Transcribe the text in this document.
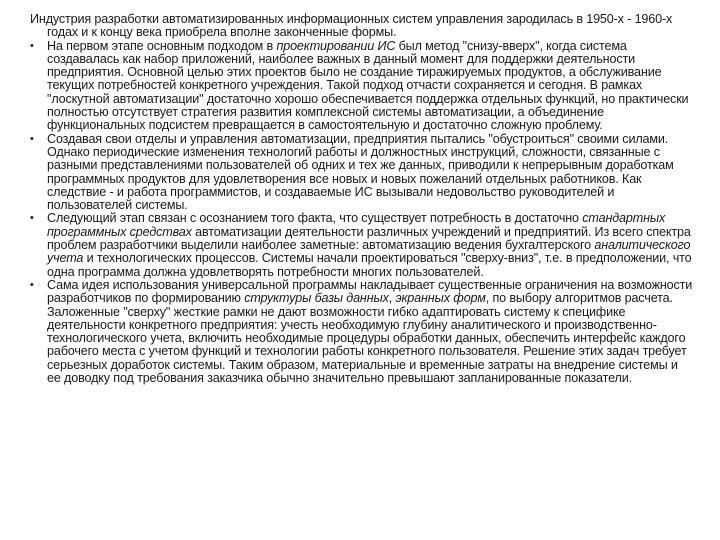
Индустрия разработки автоматизированных информационных систем управления зародилась в 1950-х - 1960-х годах и к концу века приобрела вполне законченные формы.

•	На первом этапе основным подходом в проектировании ИС был метод "снизу-вверх", когда система создавалась как набор приложений, наиболее важных в данный момент для поддержки деятельности предприятия. Основной целью этих проектов было не создание тиражируемых продуктов, а обслуживание текущих потребностей конкретного учреждения. Такой подход отчасти сохраняется и сегодня. В рамках "лоскутной автоматизации" достаточно хорошо обеспечивается поддержка отдельных функций, но практически полностью отсутствует стратегия развития комплексной системы автоматизации, а объединение функциональных подсистем превращается в самостоятельную и достаточно сложную проблему.
•	Создавая свои отделы и управления автоматизации, предприятия пытались "обустроиться" своими силами. Однако периодические изменения технологий работы и должностных инструкций, сложности, связанные с разными представлениями пользователей об одних и тех же данных, приводили к непрерывным доработкам программных продуктов для удовлетворения все новых и новых пожеланий отдельных работников. Как следствие - и работа программистов, и создаваемые ИС вызывали недовольство руководителей и пользователей системы.
•	Следующий этап связан с осознанием того факта, что существует потребность в достаточно стандартных программных средствах автоматизации деятельности различных учреждений и предприятий. Из всего спектра проблем разработчики выделили наиболее заметные: автоматизацию ведения бухгалтерского аналитического учета и технологических процессов. Системы начали проектироваться "сверху-вниз", т.е. в предположении, что одна программа должна удовлетворять потребности многих пользователей.
•	Сама идея использования универсальной программы накладывает существенные ограничения на возможности разработчиков по формированию структуры базы данных, экранных форм, по выбору алгоритмов расчета. Заложенные "сверху" жесткие рамки не дают возможности гибко адаптировать систему к специфике деятельности конкретного предприятия: учесть необходимую глубину аналитического и производственно-технологического учета, включить необходимые процедуры обработки данных, обеспечить интерфейс каждого рабочего места с учетом функций и технологии работы конкретного пользователя. Решение этих задач требует серьезных доработок системы. Таким образом, материальные и временные затраты на внедрение системы и ее доводку под требования заказчика обычно значительно превышают запланированные показатели.
